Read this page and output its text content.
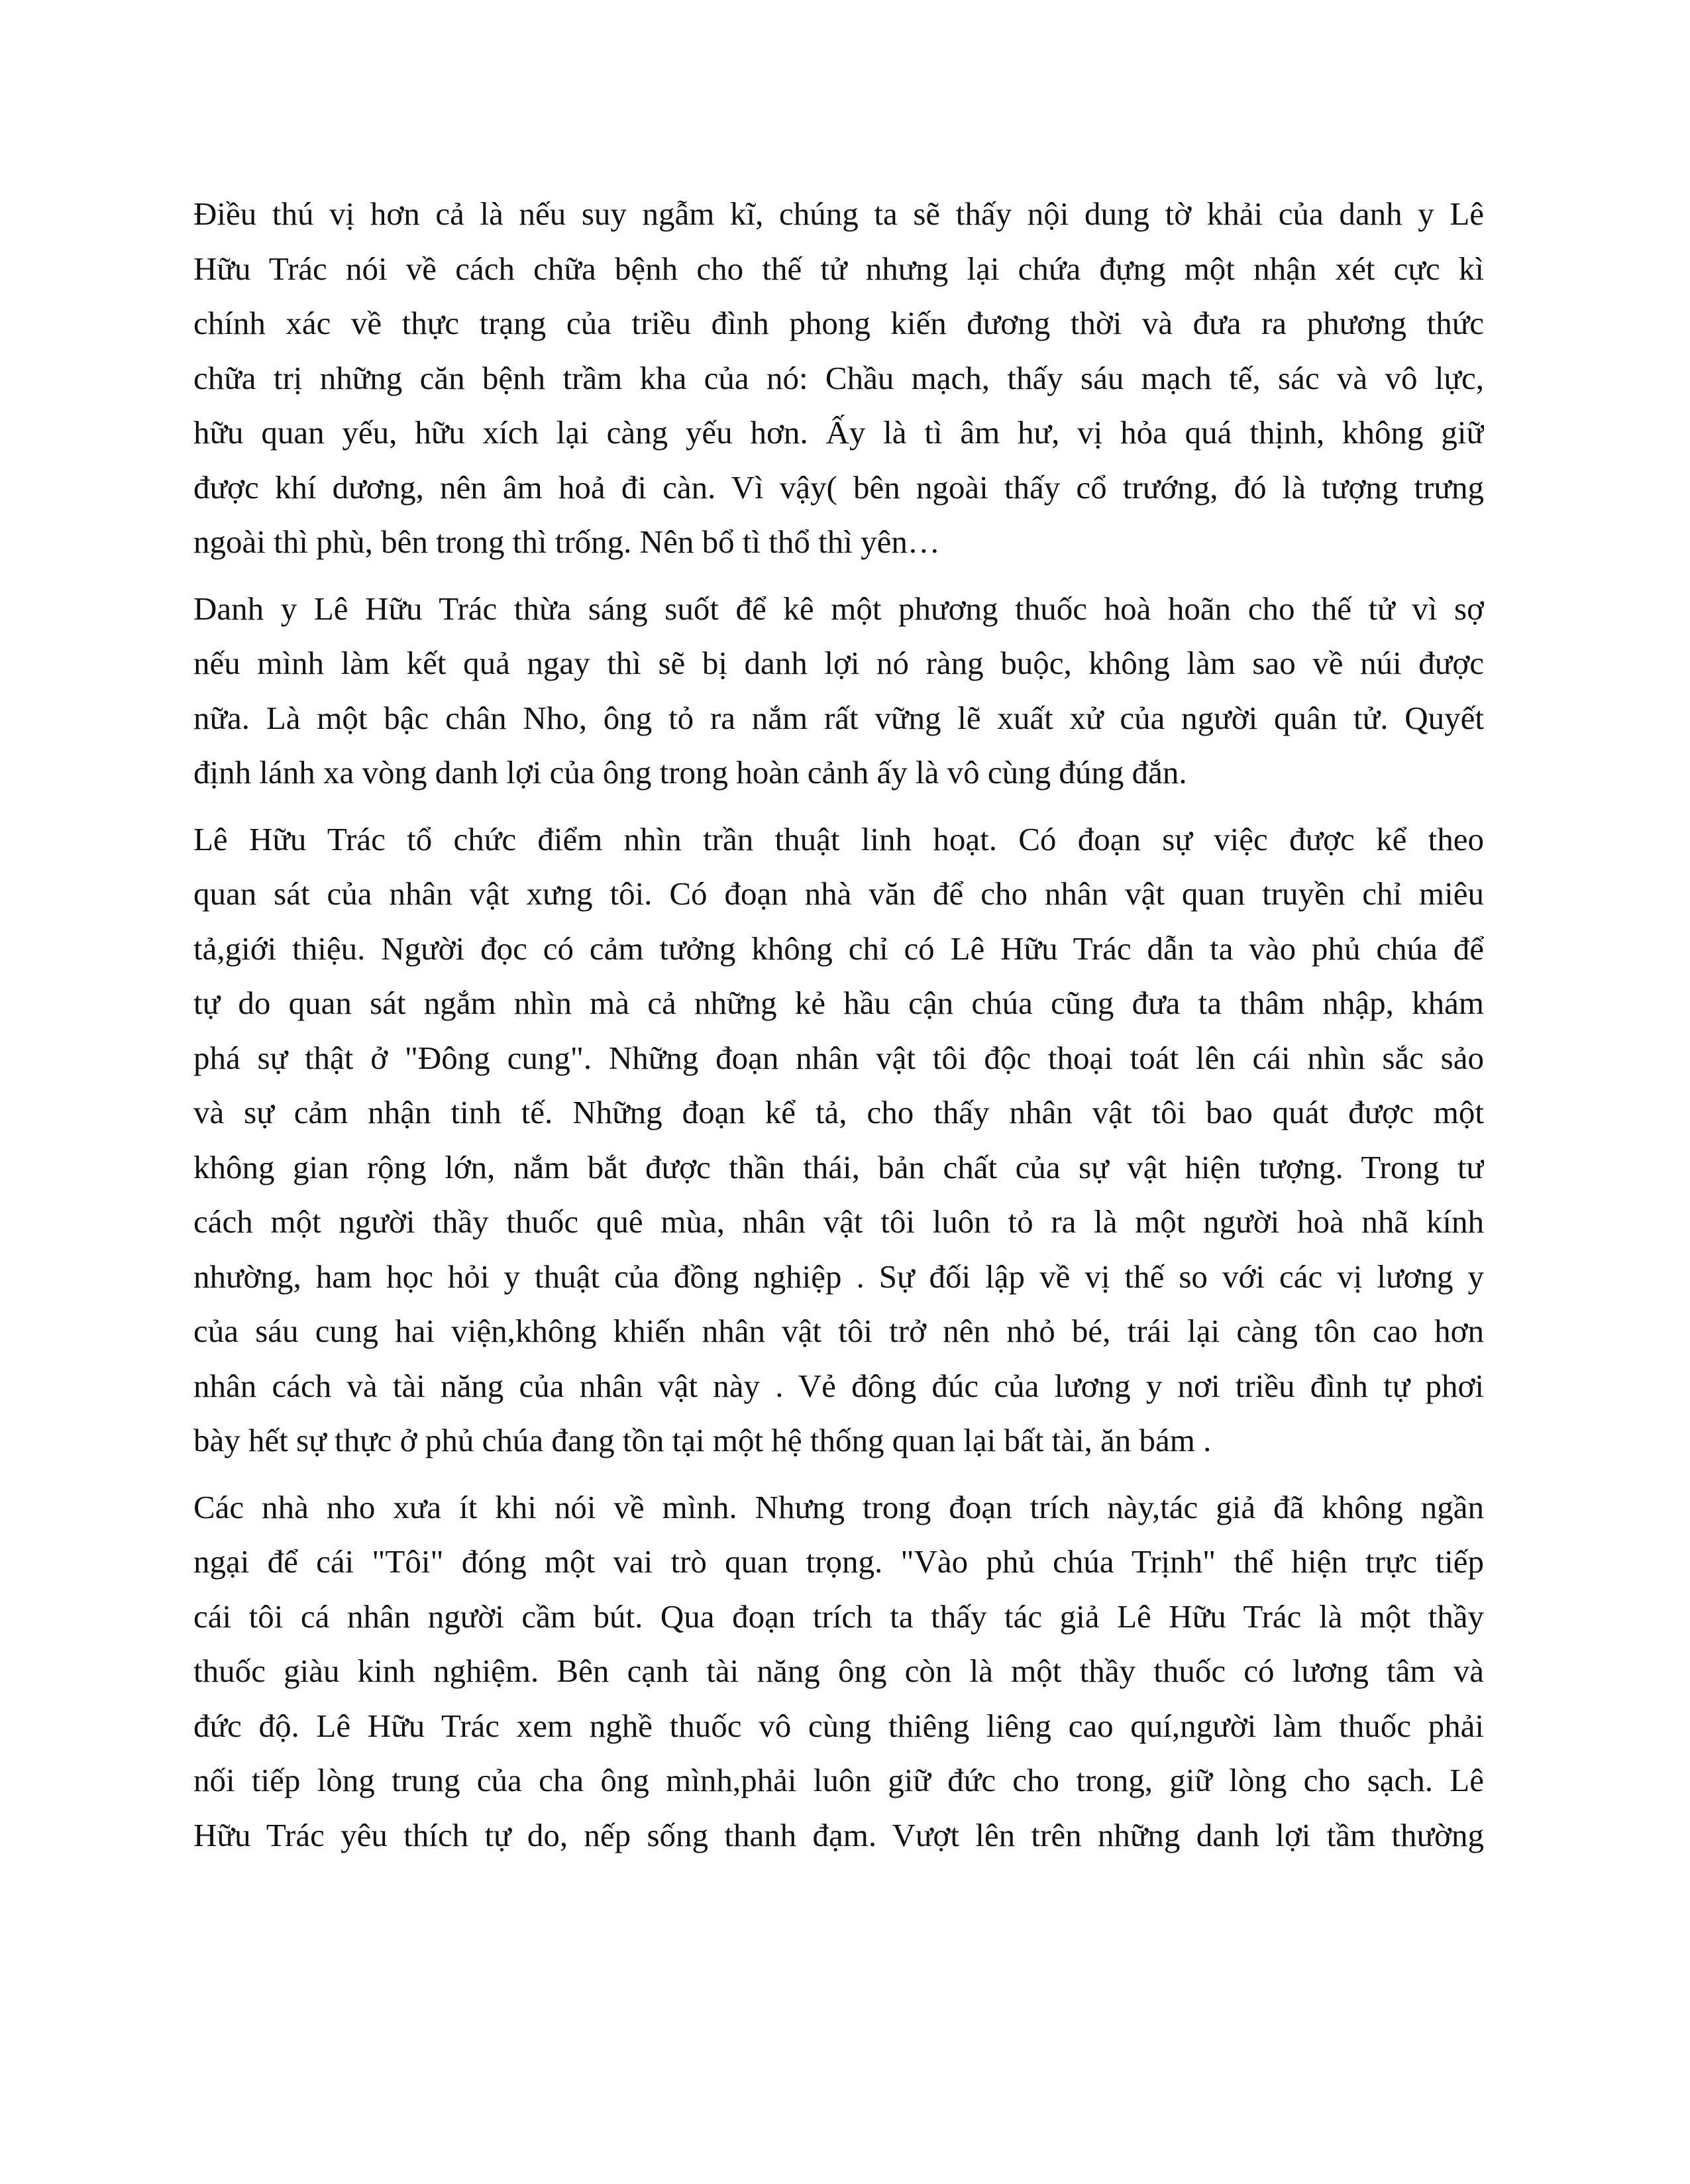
Điều thú vị hơn cả là nếu suy ngẫm kĩ, chúng ta sẽ thấy nội dung tờ khải của danh y Lê
Hữu Trác nói về cách chữa bệnh cho thế tử nhưng lại chứa đựng một nhận xét cực kì
chính xác về thực trạng của triều đình phong kiến đương thời và đưa ra phương thức
chữa trị những căn bệnh trầm kha của nó: Chầu mạch, thấy sáu mạch tế, sác và vô lực,
hữu quan yếu, hữu xích lại càng yếu hơn. Ấy là tì âm hư, vị hỏa quá thịnh, không giữ
được khí dương, nên âm hoả đi càn. Vì vậy( bên ngoài thấy cổ trướng, đó là tượng trưng
ngoài thì phù, bên trong thì trống. Nên bổ tì thổ thì yên…
Danh y Lê Hữu Trác thừa sáng suốt để kê một phương thuốc hoà hoãn cho thế tử vì sợ
nếu mình làm kết quả ngay thì sẽ bị danh lợi nó ràng buộc, không làm sao về núi được
nữa. Là một bậc chân Nho, ông tỏ ra nắm rất vững lẽ xuất xử của người quân tử. Quyết
định lánh xa vòng danh lợi của ông trong hoàn cảnh ấy là vô cùng đúng đắn.
Lê Hữu Trác tổ chức điểm nhìn trần thuật linh hoạt. Có đoạn sự việc được kể theo
quan sát của nhân vật xưng tôi. Có đoạn nhà văn để cho nhân vật quan truyền chỉ miêu
tả,giới thiệu. Người đọc có cảm tưởng không chỉ có Lê Hữu Trác dẫn ta vào phủ chúa để
tự do quan sát ngắm nhìn mà cả những kẻ hầu cận chúa cũng đưa ta thâm nhập, khám
phá sự thật ở "Đông cung". Những đoạn nhân vật tôi độc thoại toát lên cái nhìn sắc sảo
và sự cảm nhận tinh tế. Những đoạn kể tả, cho thấy nhân vật tôi bao quát được một
không gian rộng lớn, nắm bắt được thần thái, bản chất của sự vật hiện tượng. Trong tư
cách một người thầy thuốc quê mùa, nhân vật tôi luôn tỏ ra là một người hoà nhã kính
nhường, ham học hỏi y thuật của đồng nghiệp . Sự đối lập về vị thế so với các vị lương y
của sáu cung hai viện,không khiến nhân vật tôi trở nên nhỏ bé, trái lại càng tôn cao hơn
nhân cách và tài năng của nhân vật này . Vẻ đông đúc của lương y nơi triều đình tự phơi
bày hết sự thực ở phủ chúa đang tồn tại một hệ thống quan lại bất tài, ăn bám .
Các nhà nho xưa ít khi nói về mình. Nhưng trong đoạn trích này,tác giả đã không ngần
ngại để cái "Tôi" đóng một vai trò quan trọng. "Vào phủ chúa Trịnh" thể hiện trực tiếp
cái tôi cá nhân người cầm bút. Qua đoạn trích ta thấy tác giả Lê Hữu Trác là một thầy
thuốc giàu kinh nghiệm. Bên cạnh tài năng ông còn là một thầy thuốc có lương tâm và
đức độ. Lê Hữu Trác xem nghề thuốc vô cùng thiêng liêng cao quí,người làm thuốc phải
nối tiếp lòng trung của cha ông mình,phải luôn giữ đức cho trong, giữ lòng cho sạch. Lê
Hữu Trác yêu thích tự do, nếp sống thanh đạm. Vượt lên trên những danh lợi tầm thường
